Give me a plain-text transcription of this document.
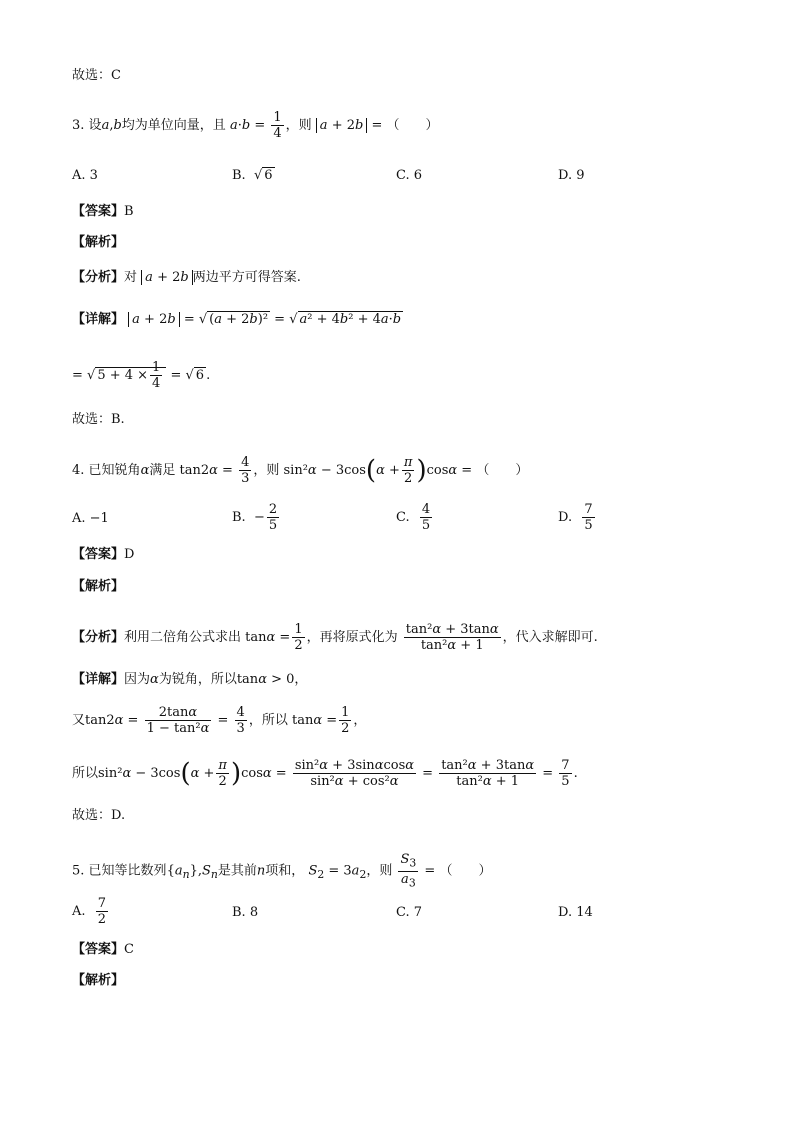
故选：C
3. 设a,b均为单位向量，且 $a\cdot b = \frac{1}{4}$ ，则 a + 2b = （　　）
A. 3	B.  √ 6	C. 6	D. 9
【答案】B
【解析】
【分析】对 a + 2b 两边平方可得答案.
【详解】 a + 2b = √ (a + 2b)² = √ a² + 4b² + 4a·b
= √ $5 + 4 \times \frac{1}{4}$ = √ 6 .
故选：B.
4. 已知锐角α满足 $\tan 2\alpha = \frac{4}{3}$ ，则 $\sin^2\alpha - 3\cos(\alpha + \frac{\pi}{2} )\cos\alpha$ = （　　）
A. −1	B.  − $\frac{2}{5}$	C. $\frac{4}{5}$	D. $\frac{7}{5}$
【答案】D
【解析】
【分析】利用二倍角公式求出 $\tan\alpha = \frac{1}{2}$ ，再将原式化为 $\frac{\text{tan²α + 3tanα}}{\text{tan²α + 1}}$ ，代入求解即可.
【详解】因为α为锐角，所以tanα > 0，
又$\tan 2\alpha = \frac{2\tan\alpha}{\text{1 − tan²α}} = \frac{4}{3}$ ，所以 $\tan\alpha = \frac{1}{2}$ ，
所以$\sin^2\alpha - 3\cos(\alpha + \frac{\pi}{2} )\cos\alpha = \frac{\text{sin²α + 3sinαcosα}}{\text{sin²α + cos²α}} = \frac{\text{tan²α + 3tanα}}{\text{tan²α + 1}} = \frac{7}{5}$ .
故选：D.
5. 已知等比数列$\{a_n\},S_n$是其前n项和， $S_2 = 3a_2$，则 $\frac{S_3}{a_3}$ = （　　）
A. $\frac{7}{2}$	B. 8	C. 7	D. 14
【答案】C
【解析】
